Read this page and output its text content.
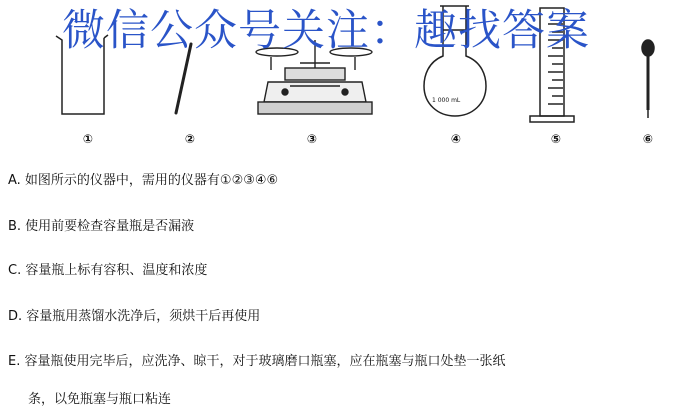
①	②	③	④	⑤	⑥
1 000 mL
微信公众号关注：趣找答案
A. 如图所示的仪器中，需用的仪器有①②③④⑥
B. 使用前要检查容量瓶是否漏液
C. 容量瓶上标有容积、温度和浓度
D. 容量瓶用蒸馏水洗净后，须烘干后再使用
E. 容量瓶使用完毕后，应洗净、晾干，对于玻璃磨口瓶塞，应在瓶塞与瓶口处垫一张纸
条，以免瓶塞与瓶口粘连
